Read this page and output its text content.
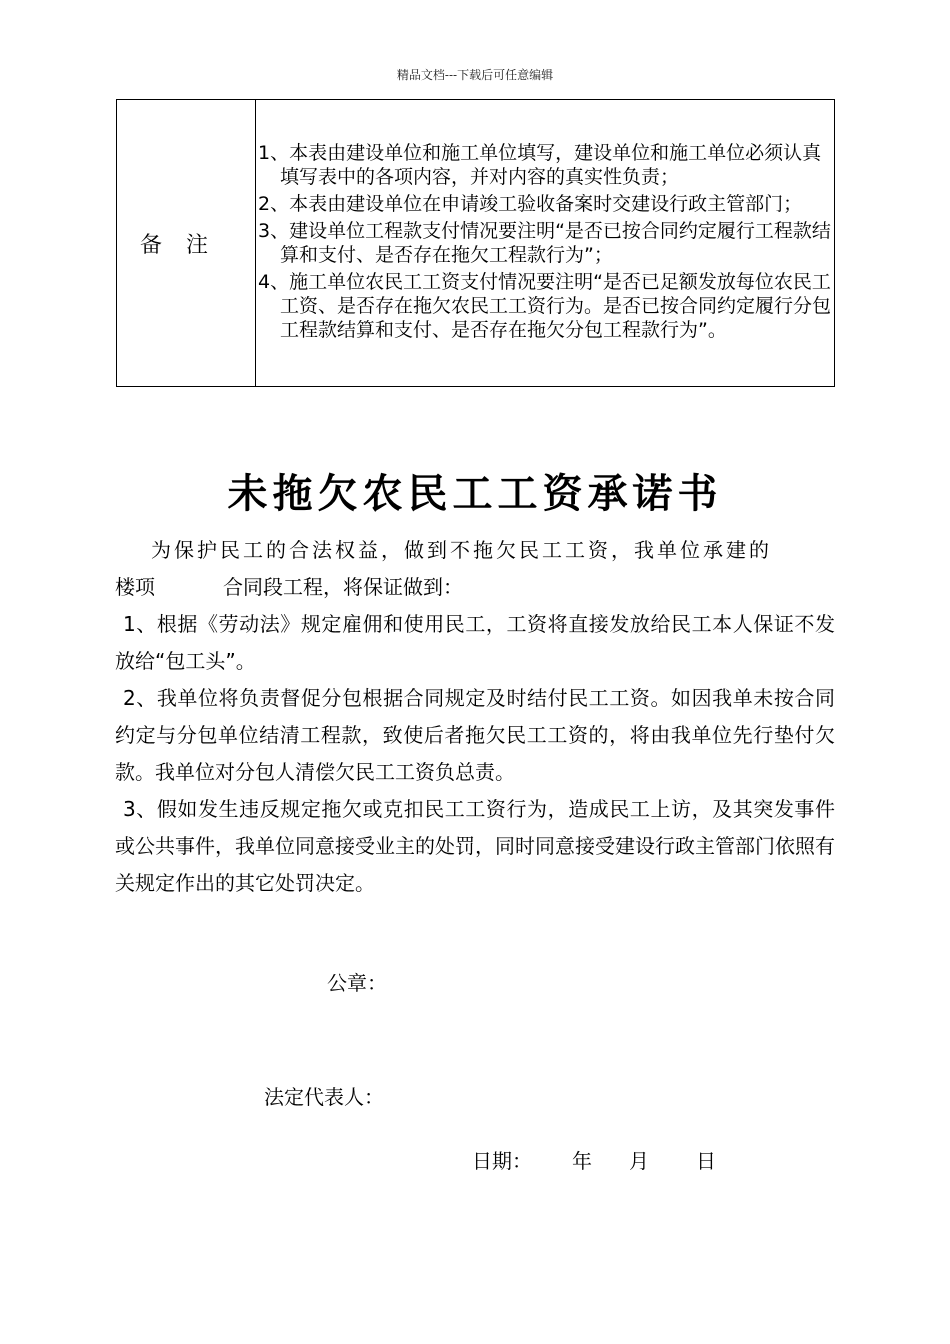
精品文档---下载后可任意编辑
备注	

1、本表由建设单位和施工单位填写，建设单位和施工单位必须认真填写表中的各项内容，并对内容的真实性负责；

2、本表由建设单位在申请竣工验收备案时交建设行政主管部门；

3、建设单位工程款支付情况要注明“是否已按合同约定履行工程款结算和支付、是否存在拖欠工程款行为”；

4、施工单位农民工工资支付情况要注明“是否已足额发放每位农民工工资、是否存在拖欠农民工工资行为。是否已按合同约定履行分包工程款结算和支付、是否存在拖欠分包工程款行为”。

未拖欠农民工工资承诺书

为保护民工的合法权益，做到不拖欠民工工资，我单位承建的

楼项	合同段工程，将保证做到：

1、根据《劳动法》规定雇佣和使用民工，工资将直接发放给民工本人保证不发放给“包工头”。

2、我单位将负责督促分包根据合同规定及时结付民工工资。如因我单未按合同约定与分包单位结清工程款，致使后者拖欠民工工资的，将由我单位先行垫付欠款。我单位对分包人清偿欠民工工资负总责。

3、假如发生违反规定拖欠或克扣民工工资行为，造成民工上访，及其突发事件或公共事件，我单位同意接受业主的处罚，同时同意接受建设行政主管部门依照有关规定作出的其它处罚决定。

公章：
法定代表人：
日期： 年 月 日
